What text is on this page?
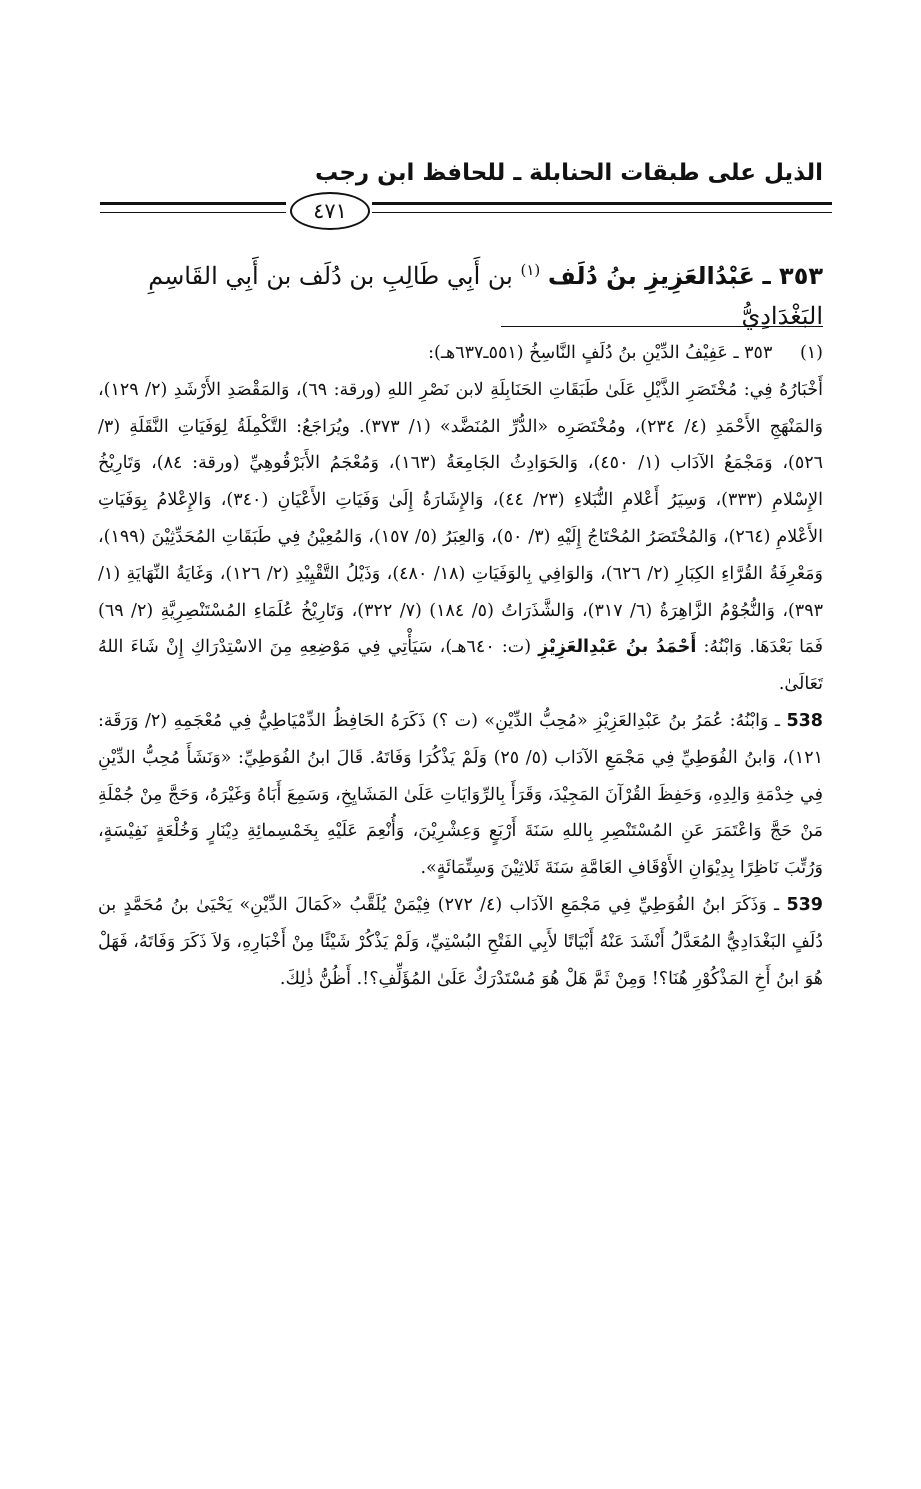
الذيل على طبقات الحنابلة ـ للحافظ ابن رجب
٤٧١
٣٥٣ ـ عَبْدُالعَزِيزِ بنُ دُلَف $^{(١)}$ بن أَبِي طَالِبِ بن دُلَف بن أَبِي القَاسِمِ البَغْدَادِيُّ

(١) ٣٥٣ ـ عَفِيْفُ الدِّيْنِ بنُ دُلَفٍ النَّاسِخُ (٥٥١ـ٦٣٧هـ):

أَخْبَارُهُ فِي: مُخْتَصَرِ الذَّيْلِ عَلَىٰ طَبَقَاتِ الحَنَابِلَةِ لابن نَصْرِ اللهِ (ورقة: ٦٩)، وَالمَقْصَدِ الأَرْشَدِ (٢/ ١٢٩)، وَالمَنْهَجِ الأَحْمَدِ (٤/ ٢٣٤)، ومُخْتَصَرِه «الدُّرِّ المُنَضَّد» (١/ ٣٧٣). ويُرَاجَعُ: التَّكْمِلَةُ لِوَفَيَاتِ النَّقَلَةِ (٣/ ٥٢٦)، وَمَجْمَعُ الآدَاب (١/ ٤٥٠)، وَالحَوَادِثُ الجَامِعَةُ (١٦٣)، وَمُعْجَمُ الأَبَرْقُوهِيِّ (ورقة: ٨٤)، وَتَارِيْخُ الإِسْلامِ (٣٣٣)، وَسِيَرُ أَعْلامِ النُّبَلاءِ (٢٣/ ٤٤)، وَالإِشَارَةُ إِلَىٰ وَفَيَاتِ الأَعْيَانِ (٣٤٠)، وَالإِعْلامُ بِوَفَيَاتِ الأَعْلامِ (٢٦٤)، وَالمُخْتَصَرُ المُحْتَاجُ إِلَيْهِ (٣/ ٥٠)، وَالعِبَرُ (٥/ ١٥٧)، وَالمُعِيْنُ فِي طَبَقَاتِ المُحَدِّثِيْنَ (١٩٩)، وَمَعْرِفَةُ القُرَّاءِ الكِبَارِ (٢/ ٦٢٦)، وَالوَافِي بِالوَفَيَاتِ (١٨/ ٤٨٠)، وَذَيْلُ التَّقْيِيْدِ (٢/ ١٢٦)، وَغَايَةُ النِّهَايَةِ (١/ ٣٩٣)، وَالنُّجُوْمُ الزَّاهِرَةُ (٦/ ٣١٧)، وَالشَّذَرَاتُ (٥/ ١٨٤) (٧/ ٣٢٢)، وَتَارِيْخُ عُلَمَاءِ المُسْتَنْصِرِيَّةِ (٢/ ٦٩) فَمَا بَعْدَهَا. وَابْنُهُ: أَحْمَدُ بنُ عَبْدِالعَزِيْزِ (ت: ٦٤٠هـ)، سَيَأْتِي فِي مَوْضِعِهِ مِنَ الاسْتِدْرَاكِ إِنْ شَاءَ اللهُ تَعَالَىٰ.

538 ـ وَابْنُهُ: عُمَرُ بنُ عَبْدِالعَزِيْزِ «مُحِبُّ الدِّيْنِ» (ت ؟) ذَكَرَهُ الحَافِظُ الدِّمْيَاطِيُّ فِي مُعْجَمِهِ (٢/ وَرَقَة: ١٢١)، وَابنُ الفُوَطِيِّ فِي مَجْمَعِ الآدَاب (٥/ ٢٥) وَلَمْ يَذْكُرَا وَفَاتَهُ. قَالَ ابنُ الفُوَطِيِّ: «وَنَشَأَ مُحِبُّ الدِّيْنِ فِي خِدْمَةِ وَالِدِهِ، وَحَفِظَ القُرْآنَ المَجِيْدَ، وَقَرَأَ بِالرِّوَايَاتِ عَلَىٰ المَشَايِخِ، وَسَمِعَ أَبَاهُ وَغَيْرَهُ، وَحَجَّ مِنْ جُمْلَةِ مَنْ حَجَّ وَاعْتَمَرَ عَنِ المُسْتَنْصِرِ بِاللهِ سَنَةَ أَرْبَعٍ وَعِشْرِيْنَ، وَأُنْعِمَ عَلَيْهِ بِخَمْسِمائِةِ دِيْنَارٍ وَخُلْعَةٍ نَفِيْسَةٍ، وَرُتِّبَ نَاظِرًا بِدِيْوَانِ الأَوْقَافِ العَامَّةِ سَنَةَ ثَلاثِيْنَ وَسِتِّمَائَةٍ».

539 ـ وَذَكَرَ ابنُ الفُوَطِيِّ فِي مَجْمَعِ الآدَاب (٤/ ٢٧٢) فِيْمَنْ يُلَقَّبُ «كَمَالَ الدِّيْنِ» يَحْيَىٰ بنُ مُحَمَّدٍ بن دُلَفٍ البَغْدَادِيُّ المُعَدَّلُ أَنْشَدَ عَنْهُ أَبْيَاتًا لأَبِي الفَتْحِ البُسْتِيِّ، وَلَمْ يَذْكُرْ شَيْئًا مِنْ أَخْبَارِهِ، وَلاَ ذَكَرَ وَفَاتَهُ، فَهَلْ هُوَ ابنُ أَخِ المَذْكُوْرِ هُنَا؟! وَمِنْ ثَمَّ هَلْ هُوَ مُسْتَدْرَكٌ عَلَىٰ المُؤَلِّفِ؟!. أَظُنُّ ذٰلِكَ.
